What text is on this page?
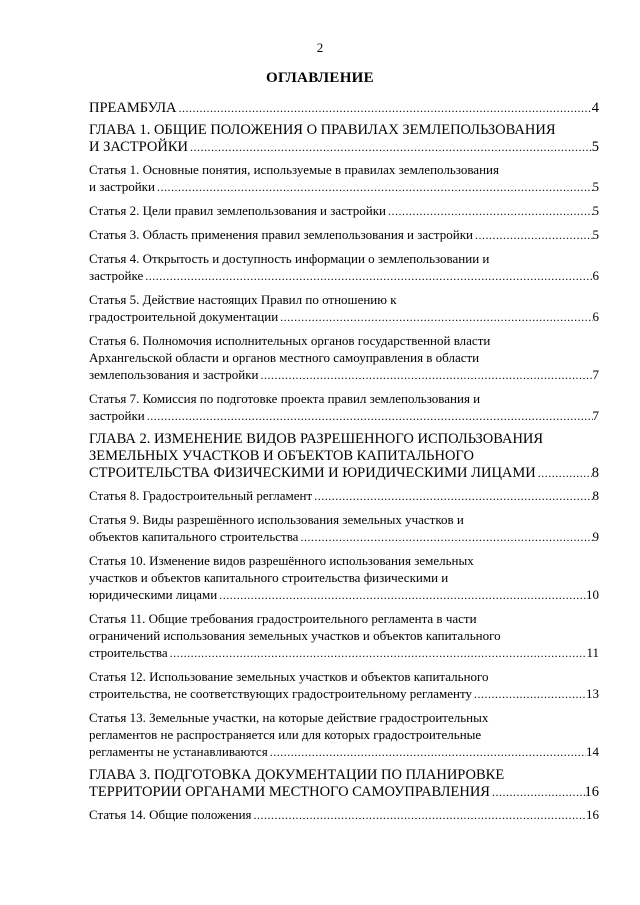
2
ОГЛАВЛЕНИЕ
ПРЕАМБУЛА .....	4
ГЛАВА 1. ОБЩИЕ ПОЛОЖЕНИЯ О ПРАВИЛАХ ЗЕМЛЕПОЛЬЗОВАНИЯ
И ЗАСТРОЙКИ .....	5
Статья 1. Основные понятия, используемые в правилах землепользования
и застройки .....	5
Статья 2. Цели правил землепользования и застройки .....	5
Статья 3. Область применения правил землепользования и застройки .....	5
Статья 4. Открытость и доступность информации о землепользовании и
застройке .....	6
Статья 5. Действие настоящих Правил по отношению к
градостроительной документации .....	6
Статья 6. Полномочия исполнительных органов государственной власти
Архангельской области и органов местного самоуправления в области
землепользования и застройки .....	7
Статья 7. Комиссия по подготовке проекта правил землепользования и
застройки .....	7
ГЛАВА 2. ИЗМЕНЕНИЕ ВИДОВ РАЗРЕШЕННОГО ИСПОЛЬЗОВАНИЯ
ЗЕМЕЛЬНЫХ УЧАСТКОВ И ОБЪЕКТОВ КАПИТАЛЬНОГО
СТРОИТЕЛЬСТВА ФИЗИЧЕСКИМИ И ЮРИДИЧЕСКИМИ ЛИЦАМИ .....	8
Статья 8. Градостроительный регламент .....	8
Статья 9. Виды разрешённого использования земельных участков и
объектов капитального строительства .....	9
Статья 10. Изменение видов разрешённого использования земельных
участков и объектов капитального строительства физическими и
юридическими лицами .....	10
Статья 11. Общие требования градостроительного регламента в части
ограничений использования земельных участков и объектов капитального
строительства .....	11
Статья 12. Использование земельных участков и объектов капитального
строительства, не соответствующих градостроительному регламенту .....	13
Статья 13. Земельные участки, на которые действие градостроительных
регламентов не распространяется или для которых градостроительные
регламенты не устанавливаются .....	14
ГЛАВА 3. ПОДГОТОВКА ДОКУМЕНТАЦИИ ПО ПЛАНИРОВКЕ
ТЕРРИТОРИИ ОРГАНАМИ МЕСТНОГО САМОУПРАВЛЕНИЯ .....	16
Статья 14. Общие положения .....	16
